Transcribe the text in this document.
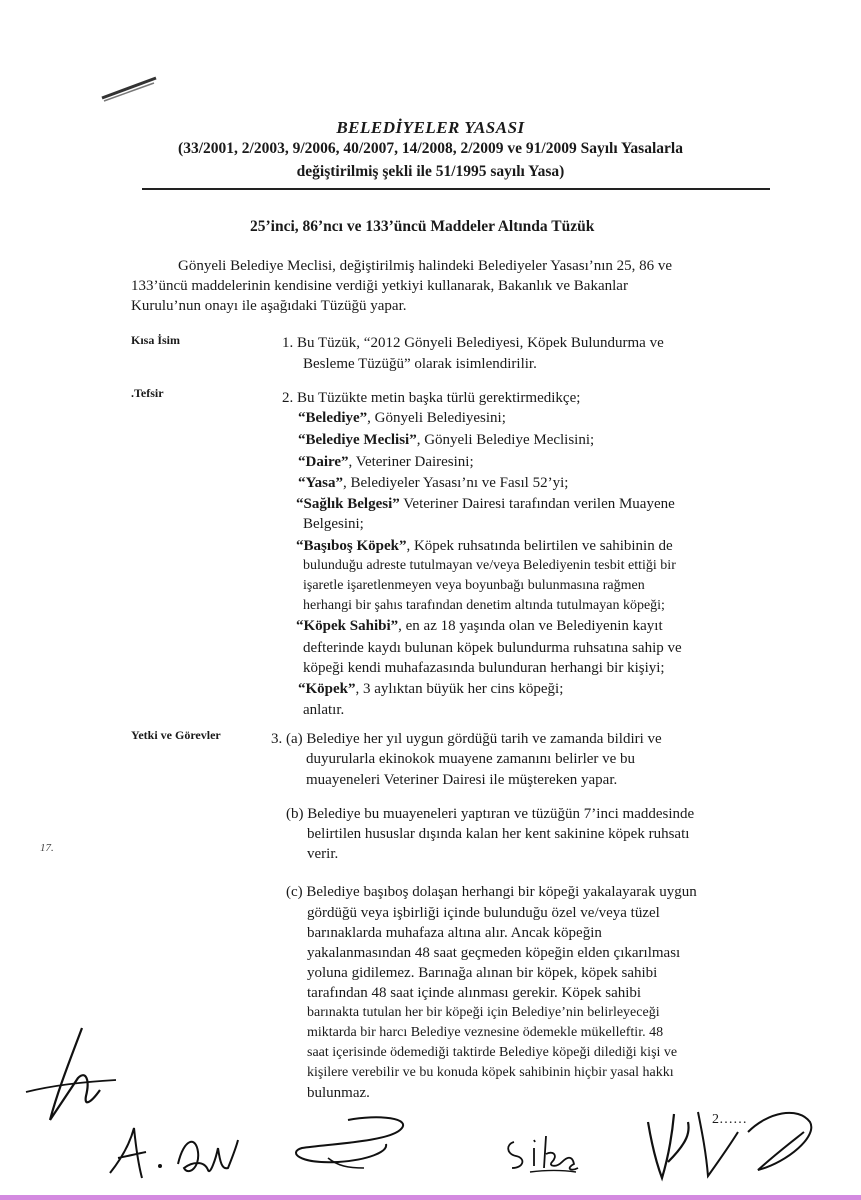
BELEDİYELER YASASI
(33/2001, 2/2003, 9/2006, 40/2007, 14/2008, 2/2009 ve 91/2009 Sayılı Yasalarla
değiştirilmiş şekli ile 51/1995 sayılı Yasa)
25’inci, 86’ncı ve 133’üncü Maddeler Altında Tüzük
Gönyeli Belediye Meclisi, değiştirilmiş halindeki Belediyeler Yasası’nın 25, 86 ve
133’üncü maddelerinin kendisine verdiği yetkiyi kullanarak, Bakanlık ve Bakanlar
Kurulu’nun onayı ile aşağıdaki Tüzüğü yapar.
Kısa İsim	1. Bu Tüzük, “2012 Gönyeli Belediyesi, Köpek Bulundurma ve
Besleme Tüzüğü” olarak isimlendirilir.
.Tefsir	2. Bu Tüzükte metin başka türlü gerektirmedikçe;
“Belediye”, Gönyeli Belediyesini;
“Belediye Meclisi”, Gönyeli Belediye Meclisini;
“Daire”, Veteriner Dairesini;
“Yasa”, Belediyeler Yasası’nı ve Fasıl 52’yi;
“Sağlık Belgesi” Veteriner Dairesi tarafından verilen Muayene
Belgesini;
“Başıboş Köpek”, Köpek ruhsatında belirtilen ve sahibinin de
bulunduğu adreste tutulmayan ve/veya Belediyenin tesbit ettiği bir
işaretle işaretlenmeyen veya boyunbağı bulunmasına rağmen
herhangi bir şahıs tarafından denetim altında tutulmayan köpeği;
“Köpek Sahibi”, en az 18 yaşında olan ve Belediyenin kayıt
defterinde kaydı bulunan köpek bulundurma ruhsatına sahip ve
köpeği kendi muhafazasında bulunduran herhangi bir kişiyi;
“Köpek”, 3 aylıktan büyük her cins köpeği;
anlatır.
Yetki ve Görevler	3. (a) Belediye her yıl uygun gördüğü tarih ve zamanda bildiri ve
duyurularla ekinokok muayene zamanını belirler ve bu
muayeneleri Veteriner Dairesi ile müştereken yapar.
(b) Belediye bu muayeneleri yaptıran ve tüzüğün 7’inci maddesinde
belirtilen hususlar dışında kalan her kent sakinine köpek ruhsatı
verir.
(c) Belediye başıboş dolaşan herhangi bir köpeği yakalayarak uygun
gördüğü veya işbirliği içinde bulunduğu özel ve/veya tüzel
barınaklarda muhafaza altına alır. Ancak köpeğin
yakalanmasından 48 saat geçmeden köpeğin elden çıkarılması
yoluna gidilemez. Barınağa alınan bir köpek, köpek sahibi
tarafından 48 saat içinde alınması gerekir. Köpek sahibi
barınakta tutulan her bir köpeği için Belediye’nin belirleyeceği
miktarda bir harcı Belediye veznesine ödemekle mükelleftir. 48
saat içerisinde ödemediği taktirde Belediye köpeği dilediği kişi ve
kişilere verebilir ve bu konuda köpek sahibinin hiçbir yasal hakkı
bulunmaz.
17.
2……
